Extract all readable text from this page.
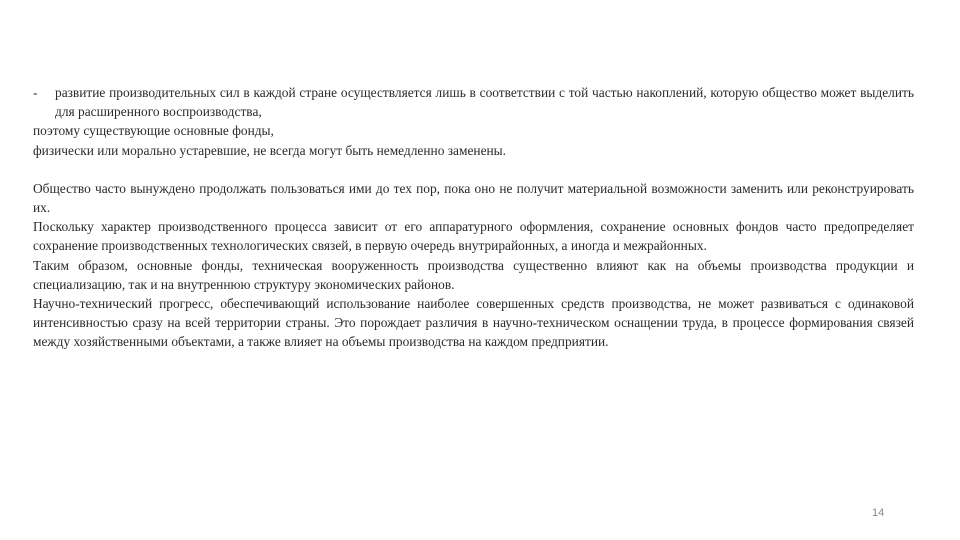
- развитие производительных сил в каждой стране осуществляется лишь в соответствии с той частью накоплений, которую общество может выделить для расширенного воспроизводства,
поэтому существующие основные фонды,
физически или морально устаревшие, не всегда могут быть немедленно заменены.
Общество часто вынуждено продолжать пользоваться ими до тех пор, пока оно не получит материальной возможности заменить или реконструировать их.
Поскольку характер производственного процесса зависит от его аппаратурного оформления, сохранение основных фондов часто предопределяет сохранение производственных технологических связей, в первую очередь внутрирайонных, а иногда и межрайонных.
Таким образом, основные фонды, техническая вооруженность производства существенно влияют как на объемы производства продукции и специализацию, так и на внутреннюю структуру экономических районов.
Научно-технический прогресс, обеспечивающий использование наиболее совершенных средств производства, не может развиваться с одинаковой интенсивностью сразу на всей территории страны. Это порождает различия в научно-техническом оснащении труда, в процессе формирования связей между хозяйственными объектами, а также влияет на объемы производства на каждом предприятии.
14
